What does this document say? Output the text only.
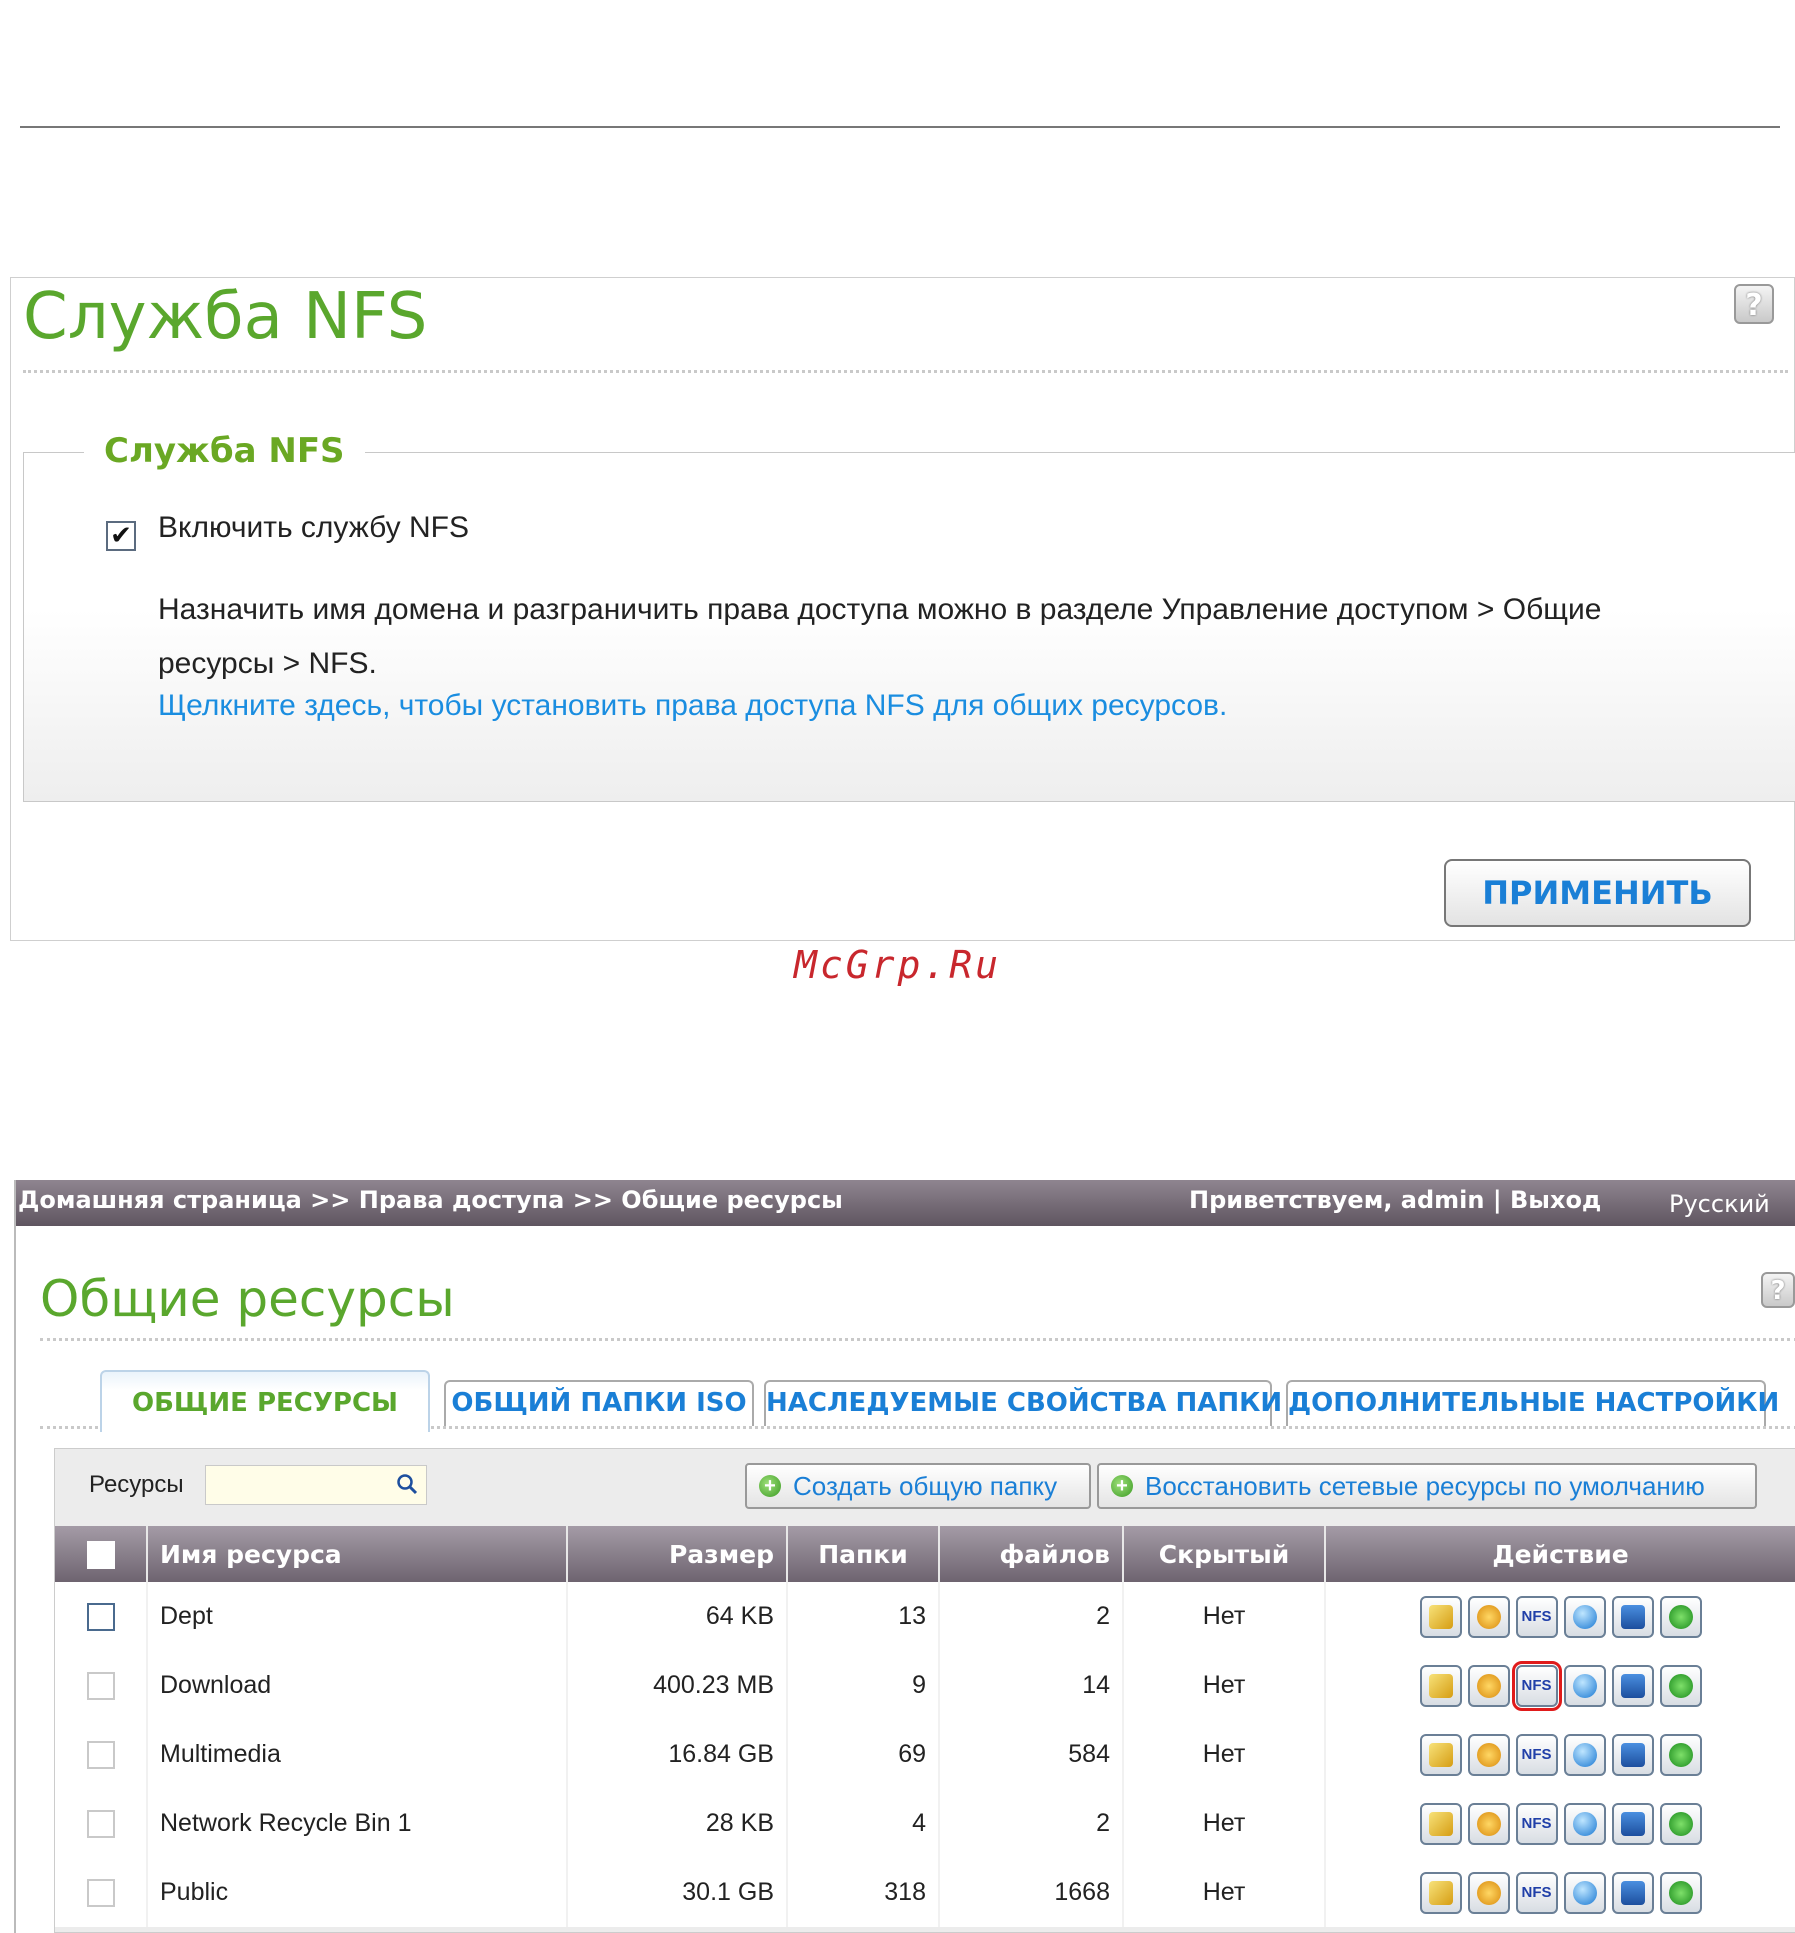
Служба NFS	?
Служба NFS
✔ Включить службу NFS
Назначить имя домена и разграничить права доступа можно в разделе Управление доступом > Общие ресурсы > NFS.
Щелкните здесь, чтобы установить права доступа NFS для общих ресурсов.
ПРИМЕНИТЬ
McGrp.Ru
Домашняя страница >> Права доступа >> Общие ресурсы	Приветствуем, admin | Выход	Русский
Общие ресурсы	?
ОБЩИЕ РЕСУРСЫ	ОБЩИЙ ПАПКИ ISO НАСЛЕДУЕМЫЕ СВОЙСТВА ПАПКИ ДОПОЛНИТЕЛЬНЫЕ НАСТРОЙКИ
Ресурсы	+ Создать общую папку	+ Восстановить сетевые ресурсы по умолчанию
	Имя ресурса	Размер	Папки	файлов	Скрытый	Действие
	Dept	64 KB	13	2	Нет	NFS

	Download	400.23 MB	9	14	Нет	NFS

	Multimedia	16.84 GB	69	584	Нет	NFS

	Network Recycle Bin 1	28 KB	4	2	Нет	NFS

	Public	30.1 GB	318	1668	Нет	NFS
